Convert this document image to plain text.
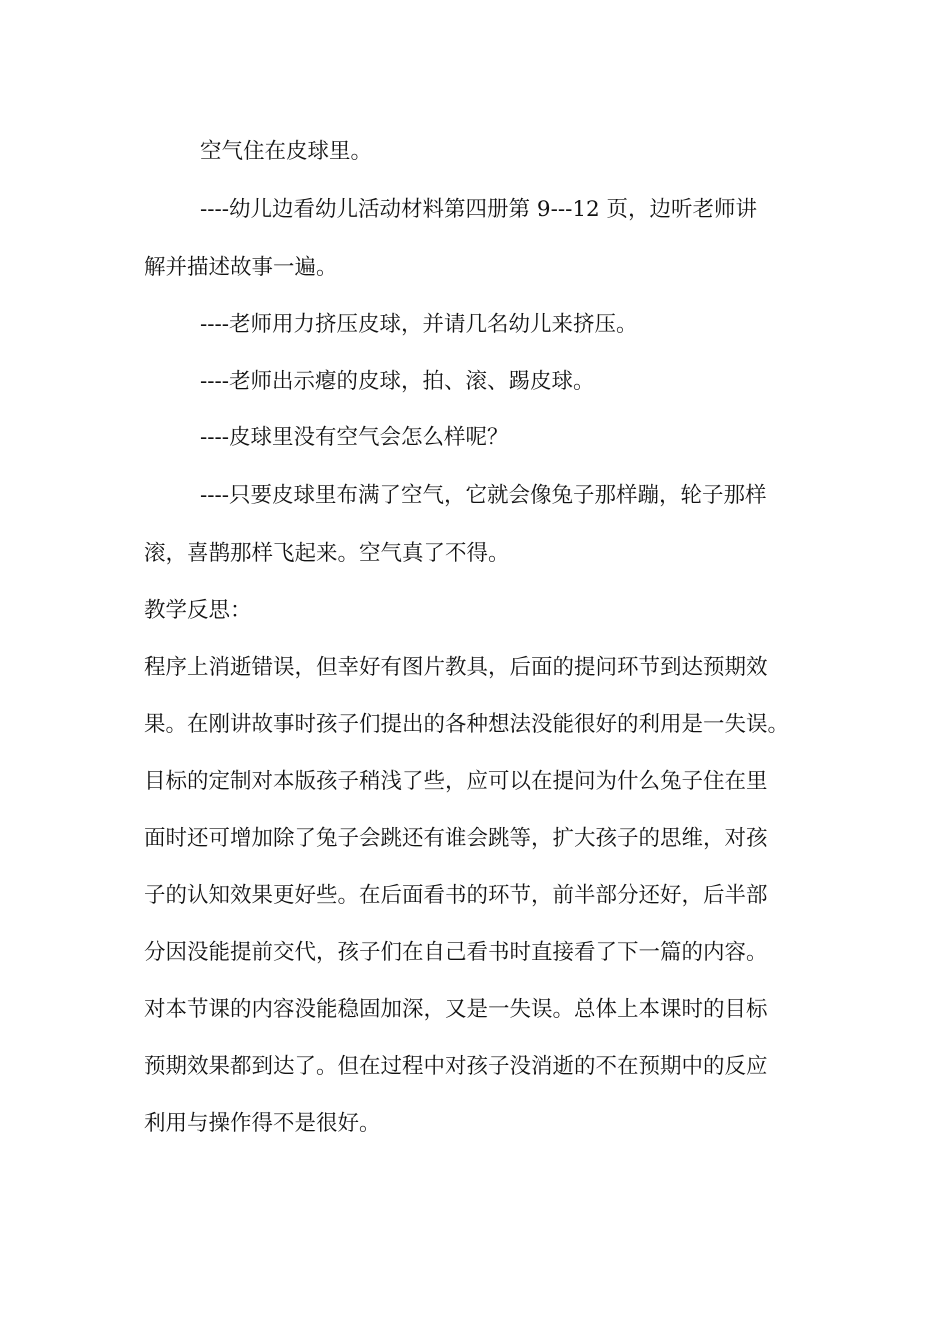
空气住在皮球里。
----幼儿边看幼儿活动材料第四册第 9---12 页，边听老师讲
解并描述故事一遍。
----老师用力挤压皮球，并请几名幼儿来挤压。
----老师出示瘪的皮球，拍、滚、踢皮球。
----皮球里没有空气会怎么样呢？
----只要皮球里布满了空气，它就会像兔子那样蹦，轮子那样
滚，喜鹊那样飞起来。空气真了不得。
教学反思：
程序上消逝错误，但幸好有图片教具，后面的提问环节到达预期效
果。在刚讲故事时孩子们提出的各种想法没能很好的利用是一失误。
目标的定制对本版孩子稍浅了些，应可以在提问为什么兔子住在里
面时还可增加除了兔子会跳还有谁会跳等，扩大孩子的思维，对孩
子的认知效果更好些。在后面看书的环节，前半部分还好，后半部
分因没能提前交代，孩子们在自己看书时直接看了下一篇的内容。
对本节课的内容没能稳固加深，又是一失误。总体上本课时的目标
预期效果都到达了。但在过程中对孩子没消逝的不在预期中的反应
利用与操作得不是很好。
